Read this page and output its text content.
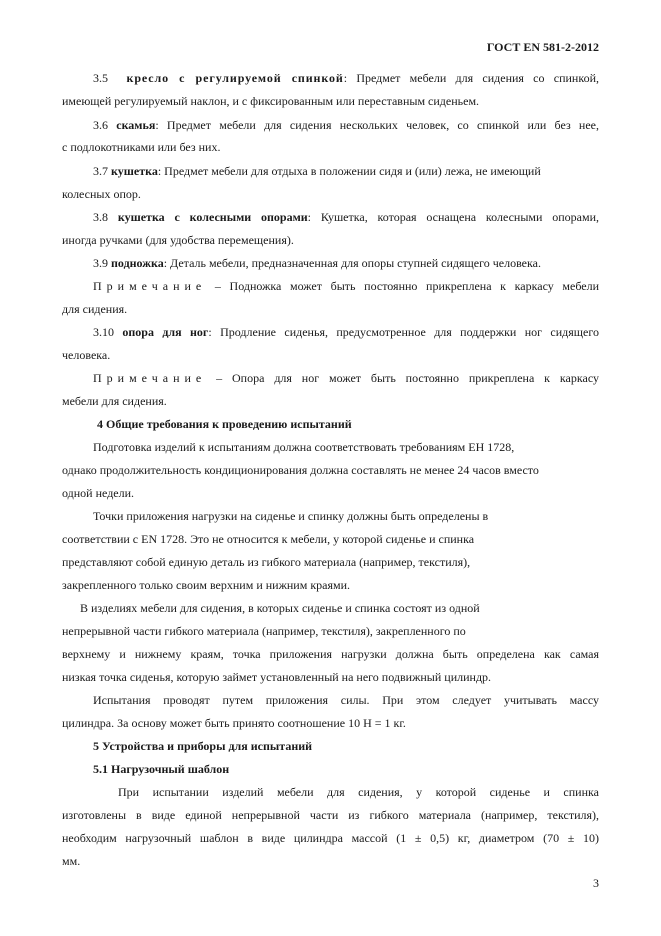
ГОСТ EN 581-2-2012
3.5 кресло с регулируемой спинкой: Предмет мебели для сидения со спинкой,
имеющей регулируемый наклон, и с фиксированным или переставным сиденьем.
3.6 скамья: Предмет мебели для сидения нескольких человек, со спинкой или без нее,
с подлокотниками или без них.
3.7 кушетка: Предмет мебели для отдыха в положении сидя и (или) лежа, не имеющий
колесных опор.
3.8 кушетка с колесными опорами: Кушетка, которая оснащена колесными опорами,
иногда ручками (для удобства перемещения).
3.9 подножка: Деталь мебели, предназначенная для опоры ступней сидящего человека.
Примечание – Подножка может быть постоянно прикреплена к каркасу мебели
для сидения.
3.10 опора для ног: Продление сиденья, предусмотренное для поддержки ног сидящего
человека.
Примечание – Опора для ног может быть постоянно прикреплена к каркасу
мебели для сидения.
4 Общие требования к проведению испытаний
Подготовка изделий к испытаниям должна соответствовать требованиям ЕН 1728,
однако продолжительность кондиционирования должна составлять не менее 24 часов вместо
одной недели.
Точки приложения нагрузки на сиденье и спинку должны быть определены в
соответствии с EN 1728. Это не относится к мебели, у которой сиденье и спинка
представляют собой единую деталь из гибкого материала (например, текстиля),
закрепленного только своим верхним и нижним краями.
В изделиях мебели для сидения, в которых сиденье и спинка состоят из одной
непрерывной части гибкого материала (например, текстиля), закрепленного по
верхнему и нижнему краям, точка приложения нагрузки должна быть определена как самая
низкая точка сиденья, которую займет установленный на него подвижный цилиндр.
Испытания проводят путем приложения силы. При этом следует учитывать массу
цилиндра. За основу может быть принято соотношение 10 Н = 1 кг.
5 Устройства и приборы для испытаний
5.1 Нагрузочный шаблон
При испытании изделий мебели для сидения, у которой сиденье и спинка
изготовлены в виде единой непрерывной части из гибкого материала (например, текстиля),
необходим нагрузочный шаблон в виде цилиндра массой (1 ± 0,5) кг, диаметром (70 ± 10)
мм.
3
